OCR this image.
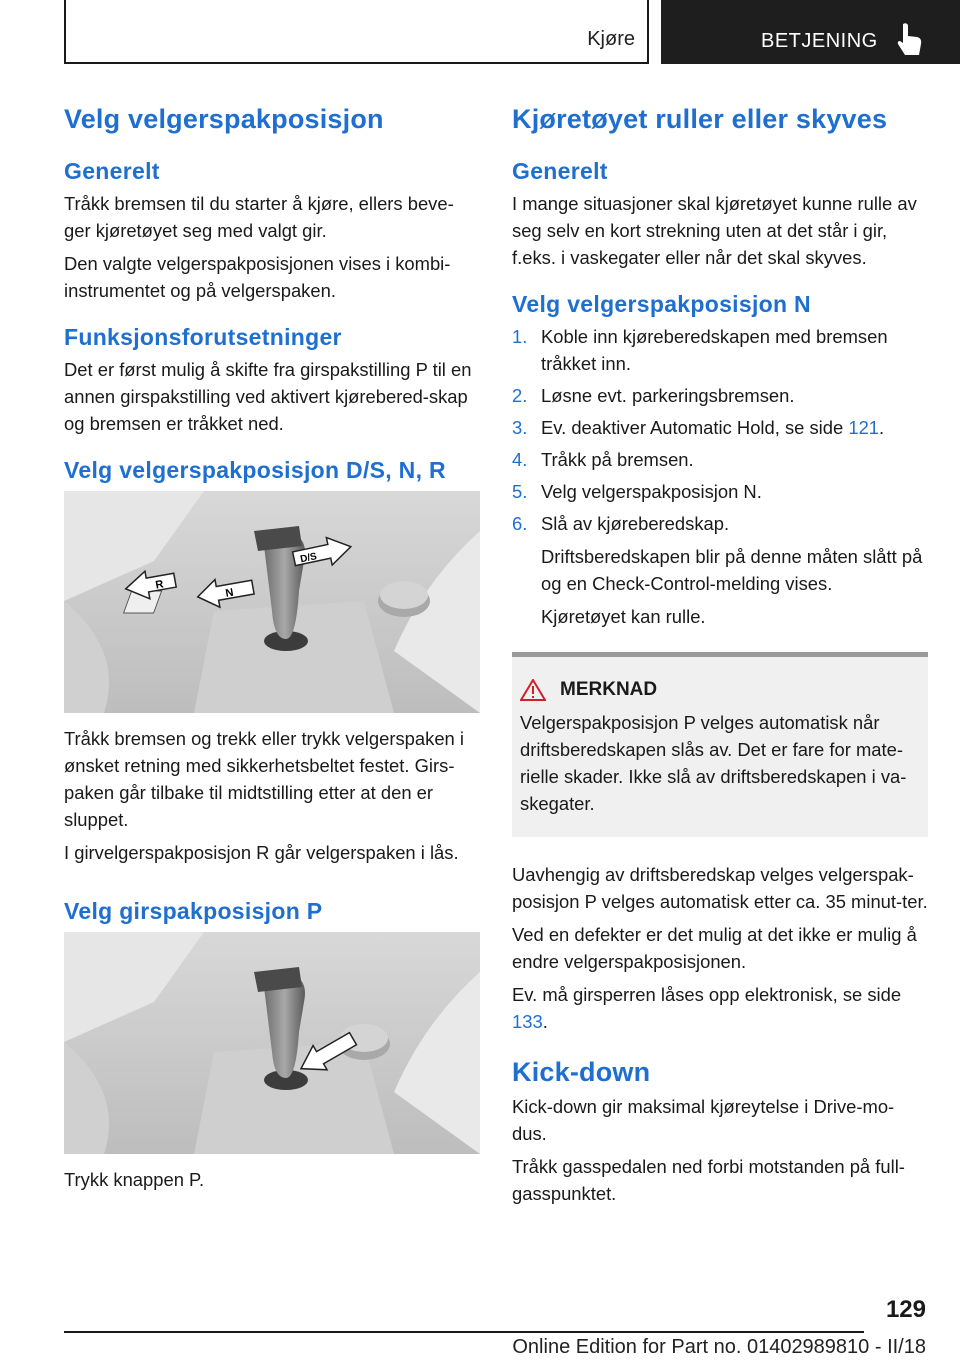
Kjøre	BETJENING
Velg velgerspakposisjon
Generelt

Tråkk bremsen til du starter å kjøre, ellers beve-ger kjøretøyet seg med valgt gir.

Den valgte velgerspakposisjonen vises i kombi-instrumentet og på velgerspaken.

Funksjonsforutsetninger

Det er først mulig å skifte fra girspakstilling P til en annen girspakstilling ved aktivert kjørebered-skap og bremsen er tråkket ned.

Velg velgerspakposisjon D/S, N, R
R
N
D/S

Tråkk bremsen og trekk eller trykk velgerspaken i ønsket retning med sikkerhetsbeltet festet. Girs-paken går tilbake til midtstilling etter at den er sluppet.

I girvelgerspakposisjon R går velgerspaken i lås.

Velg girspakposisjon P

Trykk knappen P.

Kjøretøyet ruller eller skyves
Generelt

I mange situasjoner skal kjøretøyet kunne rulle av seg selv en kort strekning uten at det står i gir, f.eks. i vaskegater eller når det skal skyves.

Velg velgerspakposisjon N
1. Koble inn kjøreberedskapen med bremsen tråkket inn.
2. Løsne evt. parkeringsbremsen.
3. Ev. deaktiver Automatic Hold, se side 121.
4. Tråkk på bremsen.
5. Velg velgerspakposisjon N.
6. Slå av kjøreberedskap.

Driftsberedskapen blir på denne måten slått på og en Check-Control-melding vises.

Kjøretøyet kan rulle.

MERKNAD

Velgerspakposisjon P velges automatisk når driftsberedskapen slås av. Det er fare for mate-rielle skader. Ikke slå av driftsberedskapen i va-skegater.

Uavhengig av driftsberedskap velges velgerspak-posisjon P velges automatisk etter ca. 35 minut-ter.

Ved en defekter er det mulig at det ikke er mulig å endre velgerspakposisjonen.

Ev. må girsperren låses opp elektronisk, se side 133.

Kick-down

Kick-down gir maksimal kjøreytelse i Drive-mo-dus.

Tråkk gasspedalen ned forbi motstanden på full-gasspunktet.

129
Online Edition for Part no. 01402989810 - II/18
